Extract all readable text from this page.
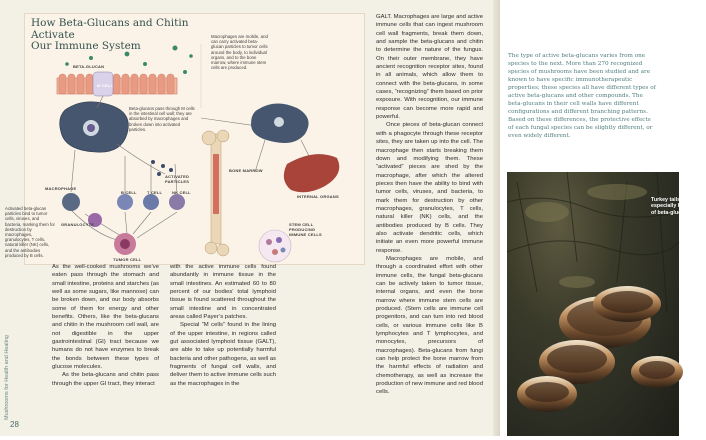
Mushrooms for Health and Healing
28
How Beta-Glucans and Chitin Activate
Our Immune System
BETA-GLUCAN
M CELL
Beta-glucans pass through M cells in the intestinal cell wall; they are absorbed by macrophages and broken down into activated particles.
Macrophages are mobile, and can carry activated beta-glucan particles to tumor cells around the body, to individual organs, and to the bone marrow, where immune stem cells are produced.
ACTIVATED PARTICLES
MACROPHAGE
B CELL	T CELL NK CELL
GRANULOCYTE
Activated beta-glucan particles bind to tumor cells, viruses, and bacteria, marking them for destruction by macrophages, granulocytes, T cells, natural killer (NK) cells, and the antibodies produced by B cells.
TUMOR CELL
BONE MARROW
INTERNAL ORGANS
STEM CELL PRODUCING IMMUNE CELLS

As the well-cooked mushrooms we’ve eaten pass through the stomach and small intestine, proteins and starches (as well as some sugars, like mannose) can be broken down, and our body absorbs some of them for energy and other benefits. Others, like the beta-glucans and chitin in the mushroom cell wall, are not digestible in the upper gastrointestinal (GI) tract because we humans do not have enzymes to break the bonds between these types of glucose molecules.

As the beta-glucans and chitin pass through the upper GI tract, they interact

with the active immune cells found abundantly in immune tissue in the small intestines. An estimated 60 to 80 percent of our bodies’ total lymphoid tissue is found scattered throughout the small intestine and in concentrated areas called Payer’s patches.

Special “M cells” found in the lining of the upper intestine, in regions called gut associated lymphoid tissue (GALT), are able to take up potentially harmful bacteria and other pathogens, as well as fragments of fungal cell walls, and deliver them to active immune cells such as the macrophages in the

GALT. Macrophages are large and active immune cells that can ingest mushroom cell wall fragments, break them down, and sample the beta-glucans and chitin to determine the nature of the fungus. On their outer membrane, they have ancient recognition receptor sites, found in all animals, which allow them to connect with the beta-glucans, in some cases, “recognizing” them based on prior exposure. With recognition, our immune response can become more rapid and powerful.

Once pieces of beta-glucan connect with a phagocyte through these receptor sites, they are taken up into the cell. The macrophage then starts breaking them down and modifying them. These “activated” pieces are shed by the macrophage, after which the altered pieces then have the ability to bind with tumor cells, viruses, and bacteria, to mark them for destruction by other macrophages, granulocytes, T cells, natural killer (NK) cells, and the antibodies produced by B cells. They also activate dendritic cells, which initiate an even more powerful immune response.

Macrophages are mobile, and through a coordinated effort with other immune cells, the fungal beta-glucans can be actively taken to tumor tissue, internal organs, and even the bone marrow where immune stem cells are produced. (Stem cells are immune cell progenitors, and can turn into red blood cells, or various immune cells like B lymphocytes and T lymphocytes, and monocytes, precursors of macrophages). Beta-glucans from fungi can help protect the bone marrow from the harmful effects of radiation and chemotherapy, as well as increase the production of new immune and red blood cells.

The type of active beta-glucans varies from one species to the next. More than 270 recognized species of mushrooms have been studied and are known to have specific immunotherapeutic properties; these species all have different types of active beta-glucans and other compounds. The beta-glucans in their cell walls have different configurations and different branching patterns. Based on these differences, the protective effects of each fungal species can be slightly different, or even widely different.
Turkey tails have especially high levels of beta-glucans.
